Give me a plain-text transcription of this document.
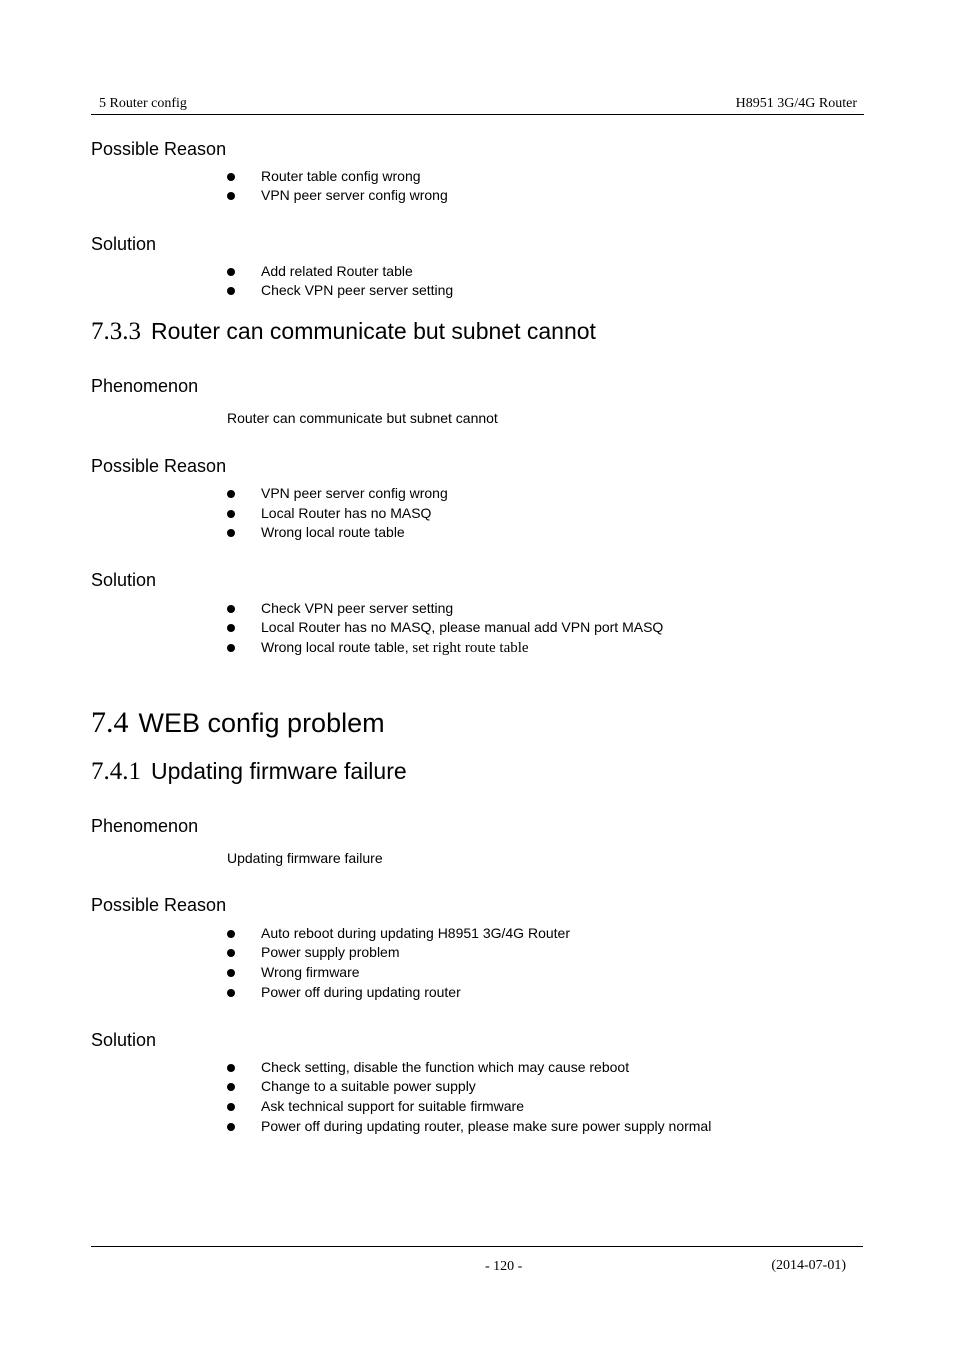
5 Router config	H8951 3G/4G Router
Possible Reason
Router table config wrong
VPN peer server config wrong
Solution
Add related Router table
Check VPN peer server setting
7.3.3 Router can communicate but subnet cannot
Phenomenon
Router can communicate but subnet cannot
Possible Reason
VPN peer server config wrong
Local Router has no MASQ
Wrong local route table
Solution
Check VPN peer server setting
Local Router has no MASQ, please manual add VPN port MASQ
Wrong local route table, set right route table
7.4 WEB config problem
7.4.1 Updating firmware failure
Phenomenon
Updating firmware failure
Possible Reason
Auto reboot during updating H8951 3G/4G Router
Power supply problem
Wrong firmware
Power off during updating router
Solution
Check setting, disable the function which may cause reboot
Change to a suitable power supply
Ask technical support for suitable firmware
Power off during updating router, please make sure power supply normal
- 120 -	(2014-07-01)
